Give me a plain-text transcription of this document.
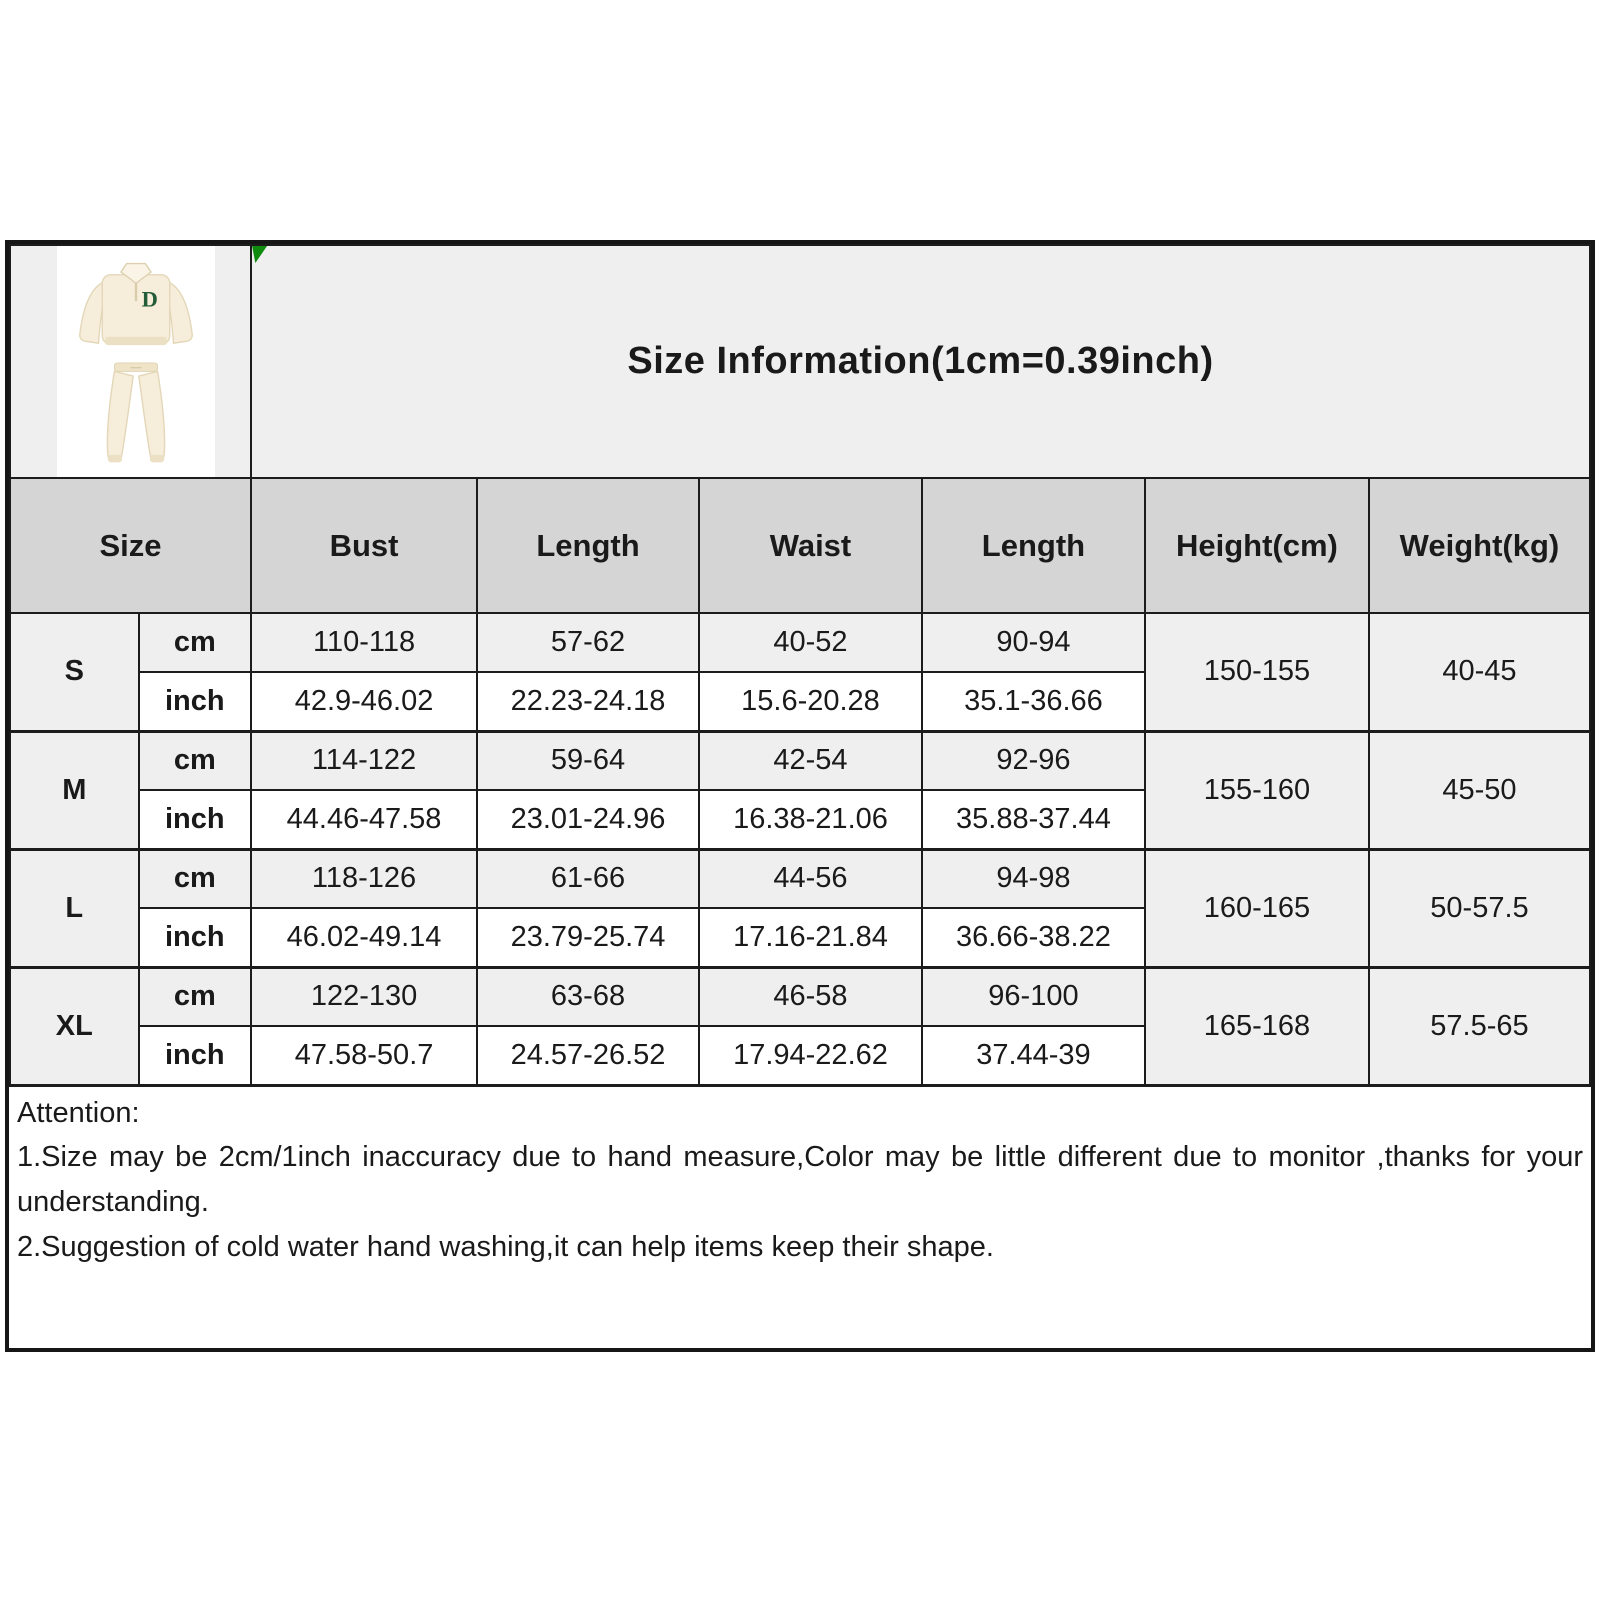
D		Size Information(1cm=0.39inch)					
Size		Bust	Length	Waist	Length	Height(cm)	Weight(kg)
S	cm	110-118	57-62	40-52	90-94	150-155	40-45
	inch	42.9-46.02	22.23-24.18	15.6-20.28	35.1-36.66		
M	cm	114-122	59-64	42-54	92-96	155-160	45-50
	inch	44.46-47.58	23.01-24.96	16.38-21.06	35.88-37.44		
L	cm	118-126	61-66	44-56	94-98	160-165	50-57.5
	inch	46.02-49.14	23.79-25.74	17.16-21.84	36.66-38.22		
XL	cm	122-130	63-68	46-58	96-100	165-168	57.5-65
	inch	47.58-50.7	24.57-26.52	17.94-22.62	37.44-39		
Attention:
1.Size may be 2cm/1inch inaccuracy due to hand measure,Color may be little different due to monitor ,thanks for your understanding.
2.Suggestion of cold water hand washing,it can help items keep their shape.
